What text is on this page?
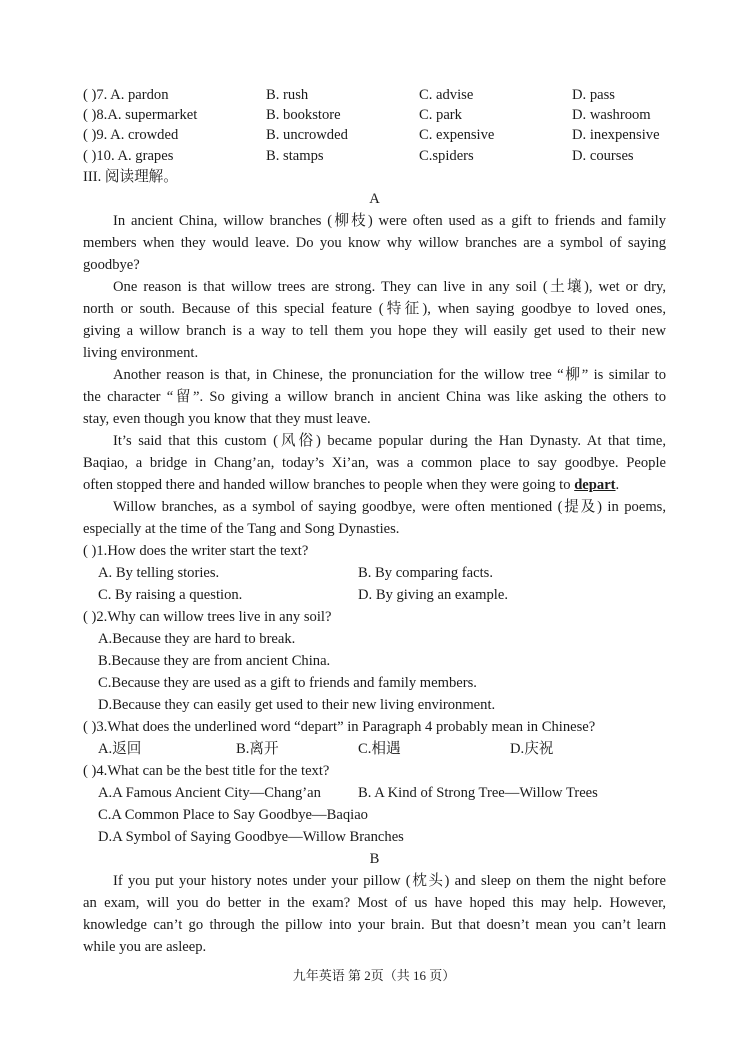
( )7. A. pardon	B. rush	C. advise	D. pass
( )8.A. supermarket	B. bookstore	C. park	D. washroom
( )9. A. crowded	B. uncrowded	C. expensive	D. inexpensive
( )10. A. grapes	B. stamps	C.spiders	D. courses
III. 阅读理解。
A
In ancient China, willow branches (柳枝) were often used as a gift to friends and family
members when they would leave. Do you know why willow branches are a symbol of saying
goodbye?
One reason is that willow trees are strong. They can live in any soil (土壤), wet or dry,
north or south. Because of this special feature (特征), when saying goodbye to loved ones,
giving a willow branch is a way to tell them you hope they will easily get used to their new
living environment.
Another reason is that, in Chinese, the pronunciation for the willow tree “柳” is similar to
the character “留”. So giving a willow branch in ancient China was like asking the others to
stay, even though you know that they must leave.
It’s said that this custom (风俗) became popular during the Han Dynasty. At that time,
Baqiao, a bridge in Chang’an, today’s Xi’an, was a common place to say goodbye. People
often stopped there and handed willow branches to people when they were going to depart.
Willow branches, as a symbol of saying goodbye, were often mentioned (提及) in poems,
especially at the time of the Tang and Song Dynasties.
( )1.How does the writer start the text?
A. By telling stories.	B. By comparing facts.
C. By raising a question.	D. By giving an example.
( )2.Why can willow trees live in any soil?
A.Because they are hard to break.
B.Because they are from ancient China.
C.Because they are used as a gift to friends and family members.
D.Because they can easily get used to their new living environment.
( )3.What does the underlined word “depart” in Paragraph 4 probably mean in Chinese?
A.返回	B.离开	C.相遇	D.庆祝
( )4.What can be the best title for the text?
A.A Famous Ancient City—Chang’an	B. A Kind of Strong Tree—Willow Trees
C.A Common Place to Say Goodbye—Baqiao
D.A Symbol of Saying Goodbye—Willow Branches
B
If you put your history notes under your pillow (枕头) and sleep on them the night before
an exam, will you do better in the exam? Most of us have hoped this may help. However,
knowledge can’t go through the pillow into your brain. But that doesn’t mean you can’t learn
while you are asleep.
九年英语 第 2页（共 16 页）
